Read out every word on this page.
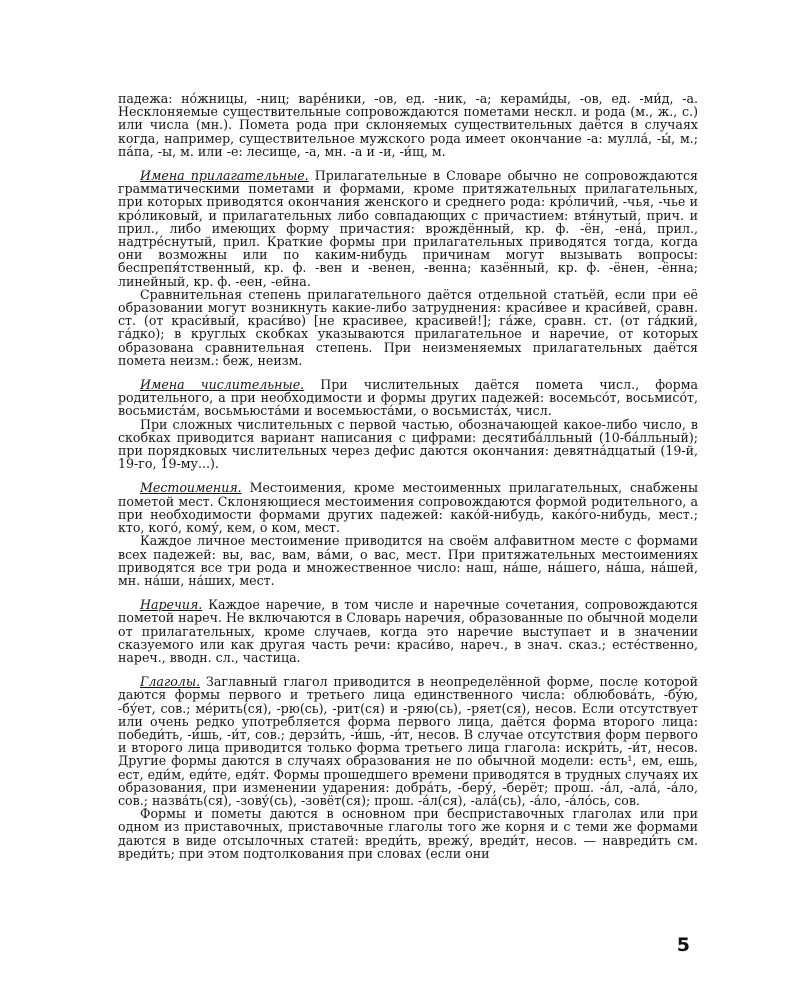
падежа: но́жницы, -ниц; варе́ники, -ов, ед. -ник, -а; керами́ды, -ов, ед. -ми́д, -а. Несклоняемые существительные сопровождаются пометами нескл. и рода (м., ж., с.) или числа (мн.). Помета рода при склоняемых существительных даётся в случаях когда, например, существительное мужского рода имеет окончание -а: мулла́, -ы́, м.; па́па, -ы, м. или -е: лесище, -а, мн. -а и -и, -и́щ, м.

Имена прилагательные. Прилагательные в Словаре обычно не сопровождаются грамматическими пометами и формами, кроме притяжательных прилагательных, при которых приводятся окончания женского и среднего рода: кро́личий, -чья, -чье и кро́ликовый, и прилагательных либо совпадающих с причастием: втя́нутый, прич. и прил., либо имеющих форму причастия: врождённый, кр. ф. -ён, -ена́, прил., надтре́снутый, прил. Краткие формы при прилагательных приводятся тогда, когда они возможны или по каким-нибудь причинам могут вызывать вопросы: беспрепя́тственный, кр. ф. -вен и -венен, -венна; казённый, кр. ф. -ёнен, -ённа; линейный, кр. ф. -еен, -ейна.

Сравнительная степень прилагательного даётся отдельной статьёй, если при её образовании могут возникнуть какие-либо затруднения: краси́вее и краси́вей, сравн. ст. (от краси́вый, краси́во) [не красивее, красивей!]; га́же, сравн. ст. (от га́дкий, га́дко); в круглых скобках указываются прилагательное и наречие, от которых образована сравнительная степень. При неизменяемых прилагательных даётся помета неизм.: беж, неизм.

Имена числительные. При числительных даётся помета числ., форма родительного, а при необходимости и формы других падежей: восемьсо́т, восьмисо́т, восьмиста́м, восьмьюста́ми и восемьюста́ми, о восьмиста́х, числ.

При сложных числительных с первой частью, обозначающей какое-либо число, в скобках приводится вариант написания с цифрами: десятиба́лльный (10-ба́лльный); при порядковых числительных через дефис даются окончания: девятна́дцатый (19-й, 19-го, 19-му...).

Местоимения. Местоимения, кроме местоименных прилагательных, снабжены пометой мест. Склоняющиеся местоимения сопровождаются формой родительного, а при необходимости формами других падежей: како́й-нибудь, како́го-нибудь, мест.; кто, кого́, кому́, кем, о ком, мест.

Каждое личное местоимение приводится на своём алфавитном месте с формами всех падежей: вы, вас, вам, ва́ми, о вас, мест. При притяжательных местоимениях приводятся все три рода и множественное число: наш, на́ше, на́шего, на́ша, на́шей, мн. на́ши, на́ших, мест.

Наречия. Каждое наречие, в том числе и наречные сочетания, сопровождаются пометой нареч. Не включаются в Словарь наречия, образованные по обычной модели от прилагательных, кроме случаев, когда это наречие выступает и в значении сказуемого или как другая часть речи: краси́во, нареч., в знач. сказ.; есте́ственно, нареч., вводн. сл., частица.

Глаголы. Заглавный глагол приводится в неопределённой форме, после которой даются формы первого и третьего лица единственного числа: облюбова́ть, -бу́ю, -бу́ет, сов.; ме́рить(ся), -рю(сь), -рит(ся) и -ряю(сь), -ряет(ся), несов. Если отсутствует или очень редко употребляется форма первого лица, даётся форма второго лица: победи́ть, -и́шь, -и́т, сов.; дерзи́ть, -и́шь, -и́т, несов. В случае отсутствия форм первого и второго лица приводится только форма третьего лица глагола: искри́ть, -и́т, несов. Другие формы даются в случаях образования не по обычной модели: есть¹, ем, ешь, ест, еди́м, еди́те, едя́т. Формы прошедшего времени приводятся в трудных случаях их образования, при изменении ударения: добра́ть, -беру́, -берёт; прош. -а́л, -ала́, -а́ло, сов.; назва́ть(ся), -зову́(сь), -зовёт(ся); прош. -а́л(ся), -ала́(сь), -а́ло, -а́ло́сь, сов.

Формы и пометы даются в основном при бесприставочных глаголах или при одном из приставочных, приставочные глаголы того же корня и с теми же формами даются в виде отсылочных статей: вреди́ть, врежу́, вреди́т, несов. — навреди́ть см. вреди́ть; при этом подтолкования при словах (если они

5
